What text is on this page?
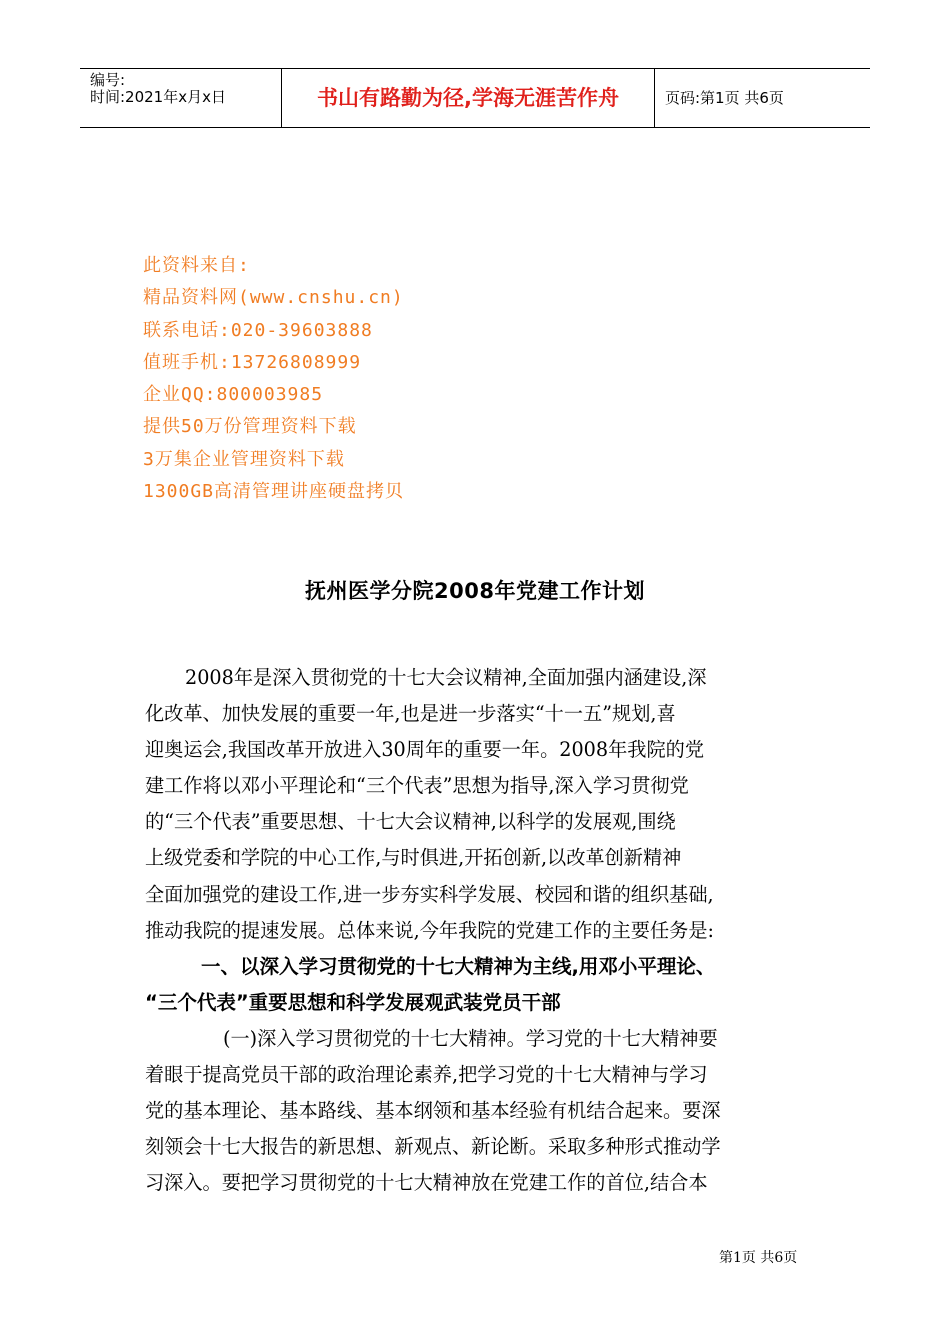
编号:
时间:2021年x月x日	书山有路勤为径,学海无涯苦作舟	页码:第1页 共6页
此资料来自:
精品资料网(www.cnshu.cn)
联系电话:020-39603888
值班手机:13726808999
企业QQ:800003985
提供50万份管理资料下载
3万集企业管理资料下载
1300GB高清管理讲座硬盘拷贝
抚州医学分院2008年党建工作计划
2008年是深入贯彻党的十七大会议精神,全面加强内涵建设,深
化改革、加快发展的重要一年,也是进一步落实“十一五”规划,喜
迎奥运会,我国改革开放进入30周年的重要一年。2008年我院的党
建工作将以邓小平理论和“三个代表”思想为指导,深入学习贯彻党
的“三个代表”重要思想、十七大会议精神,以科学的发展观,围绕
上级党委和学院的中心工作,与时俱进,开拓创新,以改革创新精神
全面加强党的建设工作,进一步夯实科学发展、校园和谐的组织基础,
推动我院的提速发展。总体来说,今年我院的党建工作的主要任务是:
一、以深入学习贯彻党的十七大精神为主线,用邓小平理论、
“三个代表”重要思想和科学发展观武装党员干部
(一)深入学习贯彻党的十七大精神。学习党的十七大精神要
着眼于提高党员干部的政治理论素养,把学习党的十七大精神与学习
党的基本理论、基本路线、基本纲领和基本经验有机结合起来。要深
刻领会十七大报告的新思想、新观点、新论断。采取多种形式推动学
习深入。要把学习贯彻党的十七大精神放在党建工作的首位,结合本
第1页 共6页
